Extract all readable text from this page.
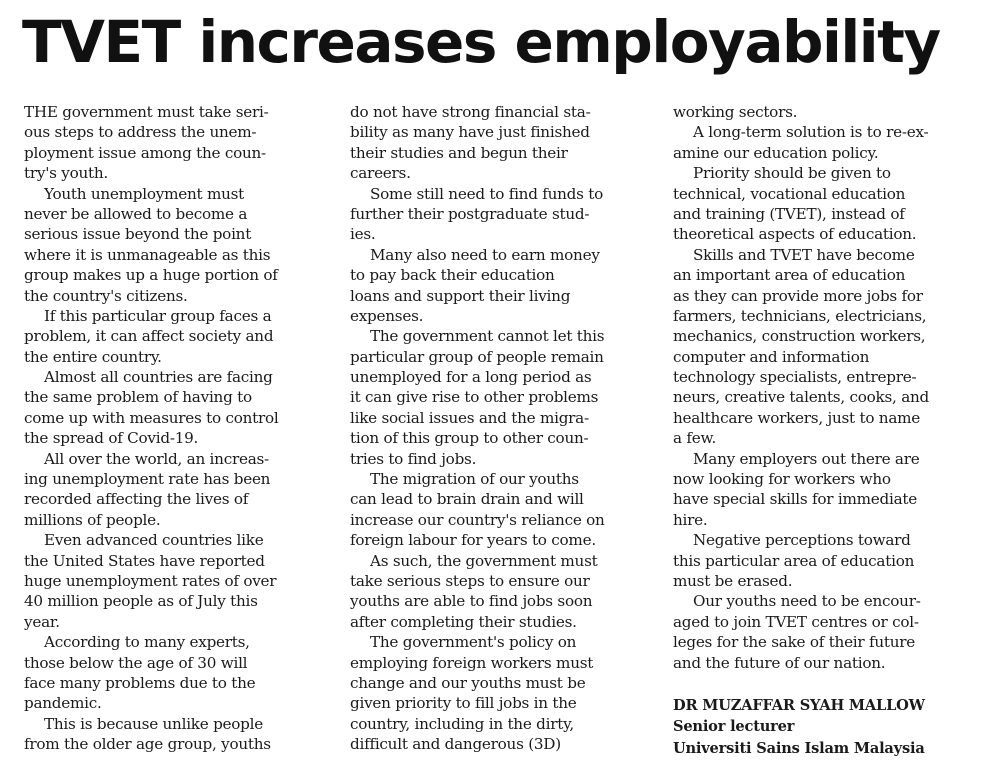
TVET increases employability
THE government must take seri-
ous steps to address the unem-
ployment issue among the coun-
try's youth.
Youth unemployment must
never be allowed to become a
serious issue beyond the point
where it is unmanageable as this
group makes up a huge portion of
the country's citizens.
If this particular group faces a
problem, it can affect society and
the entire country.
Almost all countries are facing
the same problem of having to
come up with measures to control
the spread of Covid-19.
All over the world, an increas-
ing unemployment rate has been
recorded affecting the lives of
millions of people.
Even advanced countries like
the United States have reported
huge unemployment rates of over
40 million people as of July this
year.
According to many experts,
those below the age of 30 will
face many problems due to the
pandemic.
This is because unlike people
from the older age group, youths
do not have strong financial sta-
bility as many have just finished
their studies and begun their
careers.
Some still need to find funds to
further their postgraduate stud-
ies.
Many also need to earn money
to pay back their education
loans and support their living
expenses.
The government cannot let this
particular group of people remain
unemployed for a long period as
it can give rise to other problems
like social issues and the migra-
tion of this group to other coun-
tries to find jobs.
The migration of our youths
can lead to brain drain and will
increase our country's reliance on
foreign labour for years to come.
As such, the government must
take serious steps to ensure our
youths are able to find jobs soon
after completing their studies.
The government's policy on
employing foreign workers must
change and our youths must be
given priority to fill jobs in the
country, including in the dirty,
difficult and dangerous (3D)
working sectors.
A long-term solution is to re-ex-
amine our education policy.
Priority should be given to
technical, vocational education
and training (TVET), instead of
theoretical aspects of education.
Skills and TVET have become
an important area of education
as they can provide more jobs for
farmers, technicians, electricians,
mechanics, construction workers,
computer and information
technology specialists, entrepre-
neurs, creative talents, cooks, and
healthcare workers, just to name
a few.
Many employers out there are
now looking for workers who
have special skills for immediate
hire.
Negative perceptions toward
this particular area of education
must be erased.
Our youths need to be encour-
aged to join TVET centres or col-
leges for the sake of their future
and the future of our nation.
DR MUZAFFAR SYAH MALLOW
Senior lecturer
Universiti Sains Islam Malaysia
